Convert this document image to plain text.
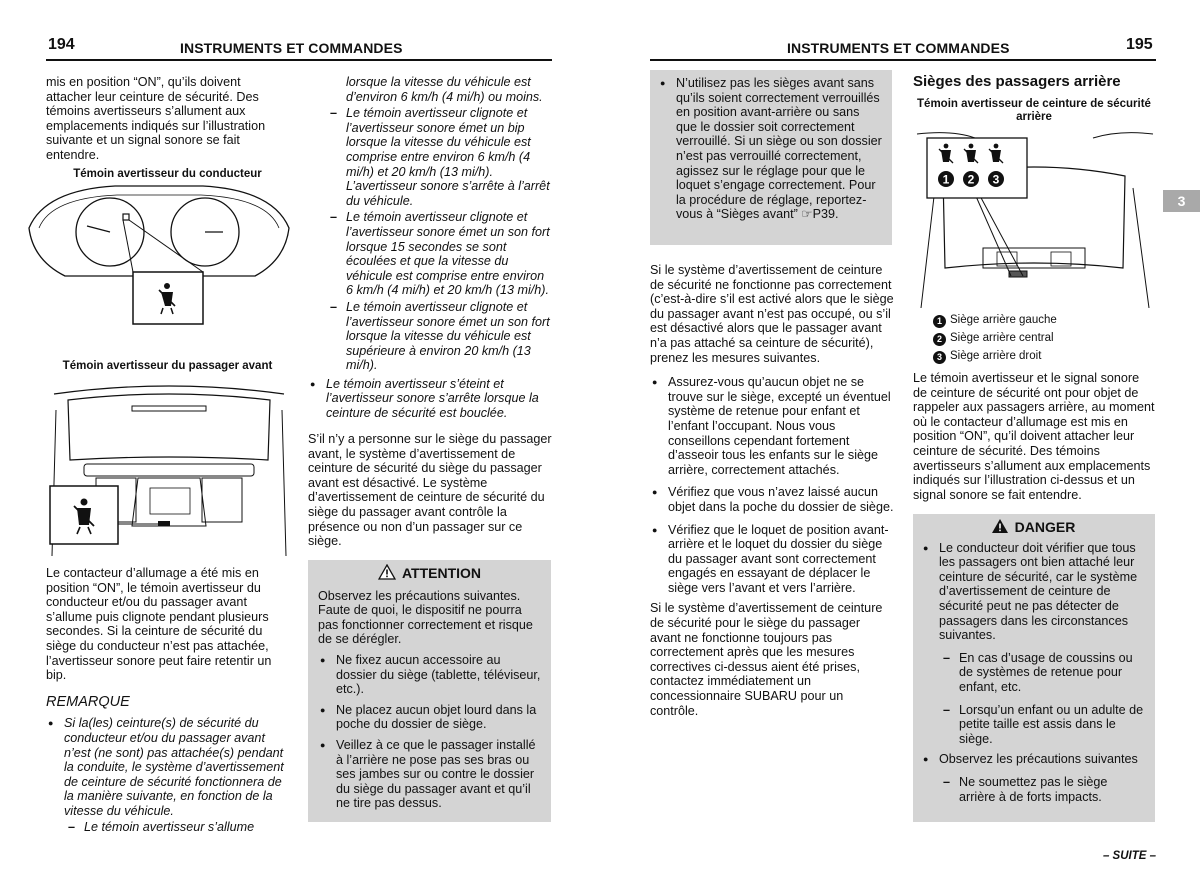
194	INSTRUMENTS ET COMMANDES	INSTRUMENTS ET COMMANDES	195
3

mis en position “ON”, qu’ils doivent attacher leur ceinture de sécurité. Des témoins avertisseurs s’allument aux emplacements indiqués sur l’illustration suivante et un signal sonore se fait entendre.

Témoin avertisseur du conducteur
Témoin avertisseur du passager avant

Le contacteur d’allumage a été mis en position “ON”, le témoin avertisseur du conducteur et/ou du passager avant s’allume puis clignote pendant plusieurs secondes. Si la ceinture de sécurité du siège du conducteur n’est pas attachée, l’avertisseur sonore peut faire retentir un bip.

REMARQUE
● Si la(les) ceinture(s) de sécurité du conducteur et/ou du passager avant n’est (ne sont) pas attachée(s) pendant la conduite, le système d’avertissement de ceinture de sécurité fonctionnera de la manière suivante, en fonction de la vitesse du véhicule.
– Le témoin avertisseur s’allume
lorsque la vitesse du véhicule est d’environ 6 km/h (4 mi/h) ou moins.
– Le témoin avertisseur clignote et l’avertisseur sonore émet un bip lorsque la vitesse du véhicule est comprise entre environ 6 km/h (4 mi/h) et 20 km/h (13 mi/h). L’avertisseur sonore s’arrête à l’arrêt du véhicule.
– Le témoin avertisseur clignote et l’avertisseur sonore émet un son fort lorsque 15 secondes se sont écoulées et que la vitesse du véhicule est comprise entre environ 6 km/h (4 mi/h) et 20 km/h (13 mi/h).
– Le témoin avertisseur clignote et l’avertisseur sonore émet un son fort lorsque la vitesse du véhicule est supérieure à environ 20 km/h (13 mi/h).
● Le témoin avertisseur s’éteint et l’avertisseur sonore s’arrête lorsque la ceinture de sécurité est bouclée.

S’il n’y a personne sur le siège du passager avant, le système d’avertissement de ceinture de sécurité du siège du passager avant est désactivé. Le système d’avertissement de ceinture de sécurité du siège du passager avant contrôle la présence ou non d’un passager sur ce siège.

ATTENTION

Observez les précautions suivantes. Faute de quoi, le dispositif ne pourra pas fonctionner correctement et risque de se dérégler.

● Ne fixez aucun accessoire au dossier du siège (tablette, téléviseur, etc.).
● Ne placez aucun objet lourd dans la poche du dossier de siège.
● Veillez à ce que le passager installé à l’arrière ne pose pas ses bras ou ses jambes sur ou contre le dossier du siège du passager avant et qu’il ne tire pas dessus.
● N’utilisez pas les sièges avant sans qu’ils soient correctement verrouillés en position avant-arrière ou sans que le dossier soit correctement verrouillé. Si un siège ou son dossier n’est pas verrouillé correctement, agissez sur le réglage pour que le loquet s’engage correctement. Pour la procédure de réglage, reportez-vous à “Sièges avant” ☞P39.

Si le système d’avertissement de ceinture de sécurité ne fonctionne pas correctement (c’est-à-dire s’il est activé alors que le siège du passager avant n’est pas occupé, ou s’il est désactivé alors que le passager avant n’a pas attaché sa ceinture de sécurité), prenez les mesures suivantes.

● Assurez-vous qu’aucun objet ne se trouve sur le siège, excepté un éventuel système de retenue pour enfant et l’enfant l’occupant. Nous vous conseillons cependant fortement d’asseoir tous les enfants sur le siège arrière, correctement attachés.
● Vérifiez que vous n’avez laissé aucun objet dans la poche du dossier de siège.
● Vérifiez que le loquet de position avant-arrière et le loquet du dossier du siège du passager avant sont correctement engagés en essayant de déplacer le siège vers l’avant et vers l’arrière.

Si le système d’avertissement de ceinture de sécurité pour le siège du passager avant ne fonctionne toujours pas correctement après que les mesures correctives ci-dessus aient été prises, contactez immédiatement un concessionnaire SUBARU pour un contrôle.

Sièges des passagers arrière
Témoin avertisseur de ceinture de sécurité arrière
1 2 3
1 Siège arrière gauche
2 Siège arrière central
3 Siège arrière droit

Le témoin avertisseur et le signal sonore de ceinture de sécurité ont pour objet de rappeler aux passagers arrière, au moment où le contacteur d’allumage est mis en position “ON”, qu’il doivent attacher leur ceinture de sécurité. Des témoins avertisseurs s’allument aux emplacements indiqués sur l’illustration ci-dessus et un signal sonore se fait entendre.

DANGER
● Le conducteur doit vérifier que tous les passagers ont bien attaché leur ceinture de sécurité, car le système d’avertissement de ceinture de sécurité peut ne pas détecter de passagers dans les circonstances suivantes.
– En cas d’usage de coussins ou de systèmes de retenue pour enfant, etc.
– Lorsqu’un enfant ou un adulte de petite taille est assis dans le siège.
● Observez les précautions suivantes
– Ne soumettez pas le siège arrière à de forts impacts.
– SUITE –
